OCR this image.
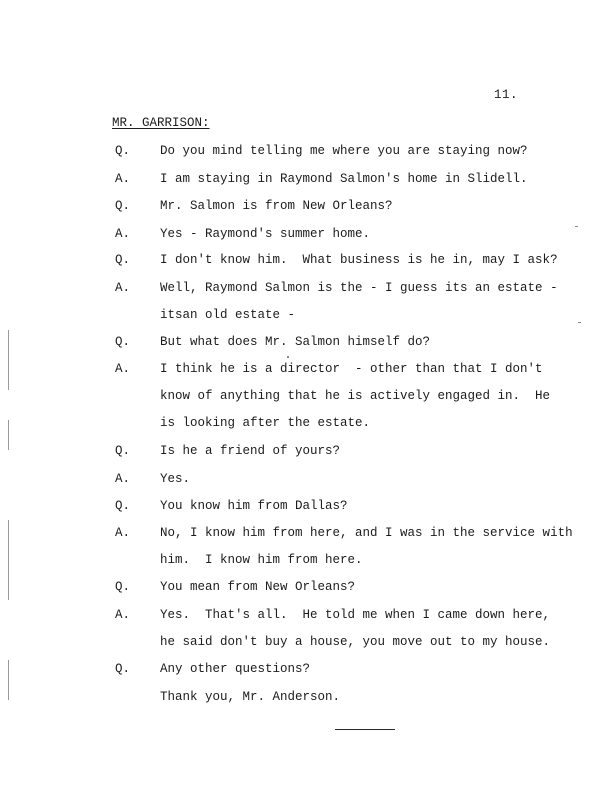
11.
MR. GARRISON:
Q.	Do you mind telling me where you are staying now?
A.	I am staying in Raymond Salmon's home in Slidell.
Q.	Mr. Salmon is from New Orleans?
A.	Yes - Raymond's summer home.
Q.	I don't know him.  What business is he in, may I ask?
A.	Well, Raymond Salmon is the - I guess its an estate -
itsan old estate -
Q.	But what does Mr. Salmon himself do?
A.	I think he is a director  - other than that I don't
know of anything that he is actively engaged in.  He
is looking after the estate.
Q.	Is he a friend of yours?
A.	Yes.
Q.	You know him from Dallas?
A.	No, I know him from here, and I was in the service with
him.  I know him from here.
Q.	You mean from New Orleans?
A.	Yes.  That's all.  He told me when I came down here,
he said don't buy a house, you move out to my house.
Q.	Any other questions?
Thank you, Mr. Anderson.
